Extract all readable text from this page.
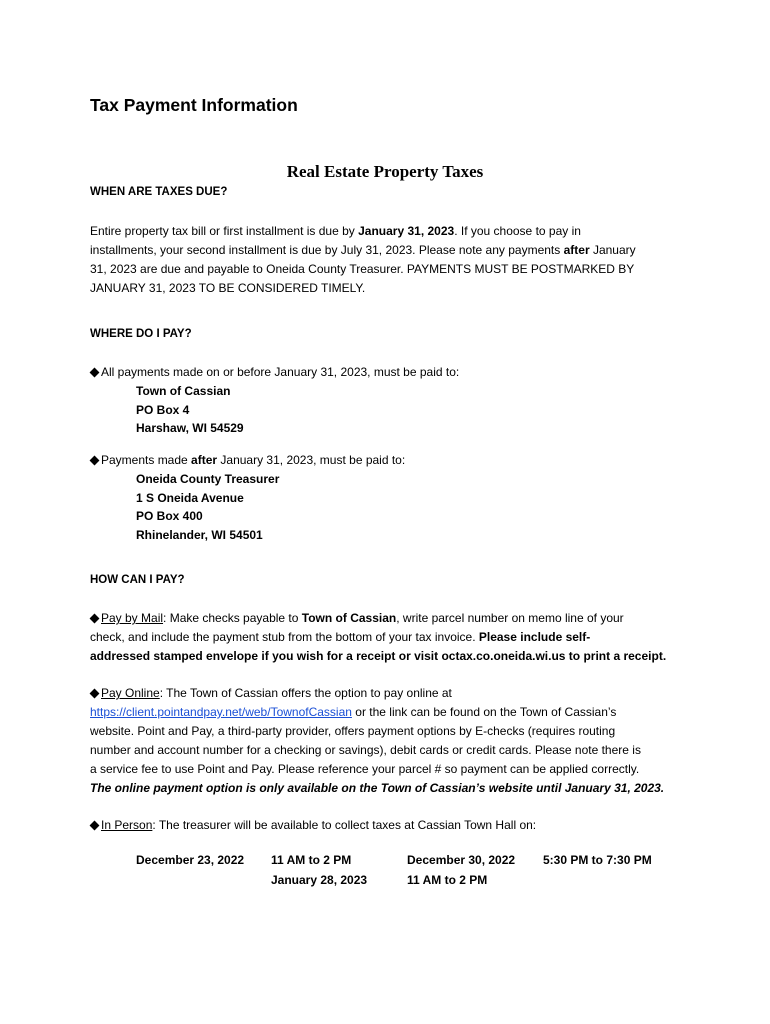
Tax Payment Information
Real Estate Property Taxes
WHEN ARE TAXES DUE?
Entire property tax bill or first installment is due by January 31, 2023. If you choose to pay in
installments, your second installment is due by July 31, 2023. Please note any payments after January
31, 2023 are due and payable to Oneida County Treasurer. PAYMENTS MUST BE POSTMARKED BY
JANUARY 31, 2023 TO BE CONSIDERED TIMELY.
WHERE DO I PAY?
All payments made on or before January 31, 2023, must be paid to:
Town of Cassian
PO Box 4
Harshaw, WI 54529
Payments made after January 31, 2023, must be paid to:
Oneida County Treasurer
1 S Oneida Avenue
PO Box 400
Rhinelander, WI 54501
HOW CAN I PAY?
Pay by Mail: Make checks payable to Town of Cassian, write parcel number on memo line of your
check, and include the payment stub from the bottom of your tax invoice. Please include self-
addressed stamped envelope if you wish for a receipt or visit octax.co.oneida.wi.us to print a receipt.
Pay Online: The Town of Cassian offers the option to pay online at
https://client.pointandpay.net/web/TownofCassian or the link can be found on the Town of Cassian’s
website. Point and Pay, a third-party provider, offers payment options by E-checks (requires routing
number and account number for a checking or savings), debit cards or credit cards. Please note there is
a service fee to use Point and Pay. Please reference your parcel # so payment can be applied correctly.
The online payment option is only available on the Town of Cassian’s website until January 31, 2023.
In Person: The treasurer will be available to collect taxes at Cassian Town Hall on:
December 23, 2022 11 AM to 2 PM	December 30, 2022 5:30 PM to 7:30 PM
January 28, 2023	11 AM to 2 PM
